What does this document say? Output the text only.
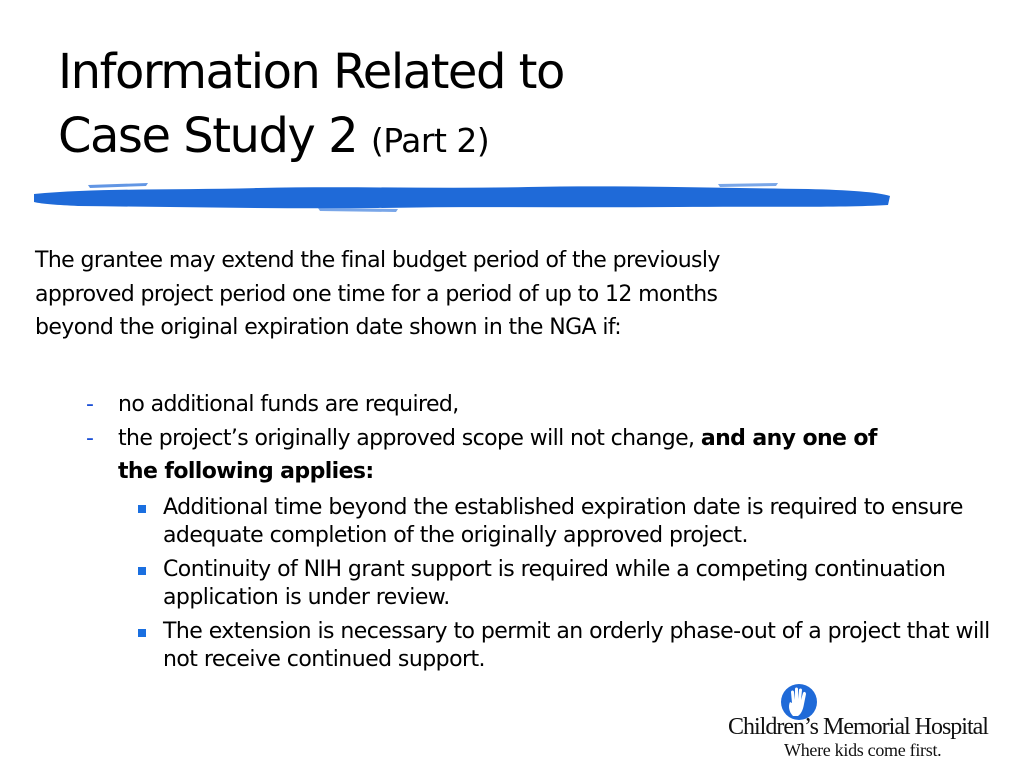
Information Related to
Case Study 2 (Part 2)

The grantee may extend the final budget period of the previously approved project period one time for a period of up to 12 months beyond the original expiration date shown in the NGA if:

- no additional funds are required,
- the project’s originally approved scope will not change, and any one of the following applies:
Additional time beyond the established expiration date is required to ensure adequate completion of the originally approved project.
Continuity of NIH grant support is required while a competing continuation application is under review.
The extension is necessary to permit an orderly phase-out of a project that will not receive continued support.
Children’s Memorial Hospital
Where kids come first.
